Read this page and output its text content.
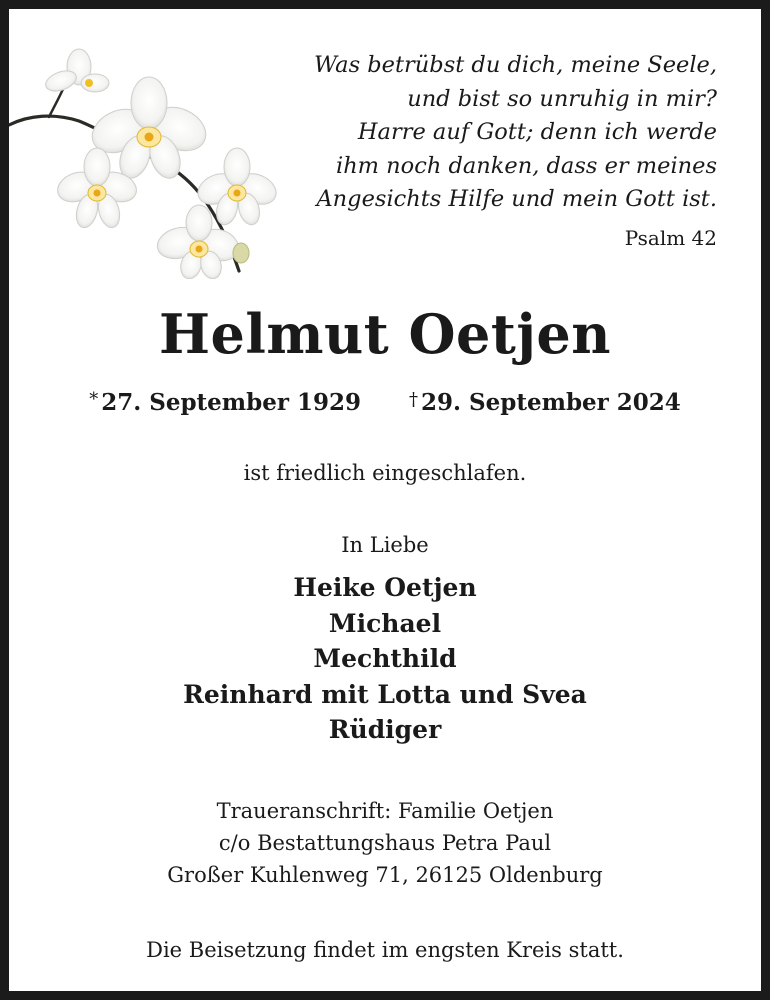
Was betrübst du dich, meine Seele,
und bist so unruhig in mir?
Harre auf Gott; denn ich werde
ihm noch danken, dass er meines
Angesichts Hilfe und mein Gott ist.
Psalm 42
Helmut Oetjen
* 27. September 1929	† 29. September 2024
ist friedlich eingeschlafen.
In Liebe
Heike Oetjen
Michael
Mechthild
Reinhard mit Lotta und Svea
Rüdiger
Traueranschrift: Familie Oetjen
c/o Bestattungshaus Petra Paul
Großer Kuhlenweg 71, 26125 Oldenburg
Die Beisetzung findet im engsten Kreis statt.
